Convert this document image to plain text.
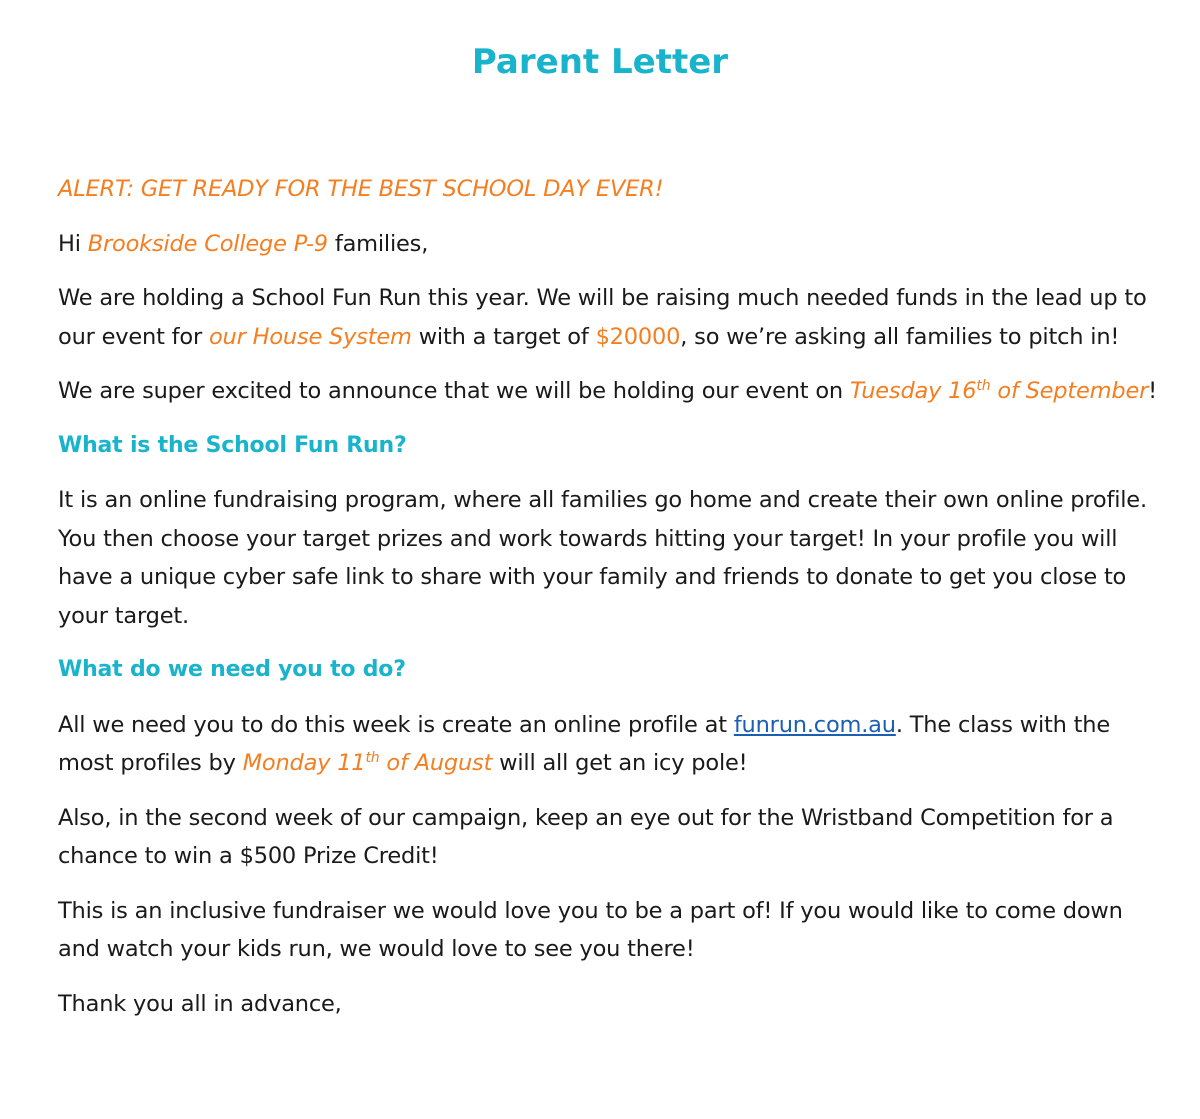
Parent Letter

ALERT: GET READY FOR THE BEST SCHOOL DAY EVER!

Hi Brookside College P-9 families,

We are holding a School Fun Run this year. We will be raising much needed funds in the lead up to our event for our House System with a target of $20000, so we’re asking all families to pitch in!

We are super excited to announce that we will be holding our event on Tuesday 16th of September!

What is the School Fun Run?

It is an online fundraising program, where all families go home and create their own online profile. You then choose your target prizes and work towards hitting your target! In your profile you will have a unique cyber safe link to share with your family and friends to donate to get you close to your target.

What do we need you to do?

All we need you to do this week is create an online profile at funrun.com.au. The class with the most profiles by Monday 11th of August will all get an icy pole!

Also, in the second week of our campaign, keep an eye out for the Wristband Competition for a chance to win a $500 Prize Credit!

This is an inclusive fundraiser we would love you to be a part of! If you would like to come down and watch your kids run, we would love to see you there!

Thank you all in advance,
